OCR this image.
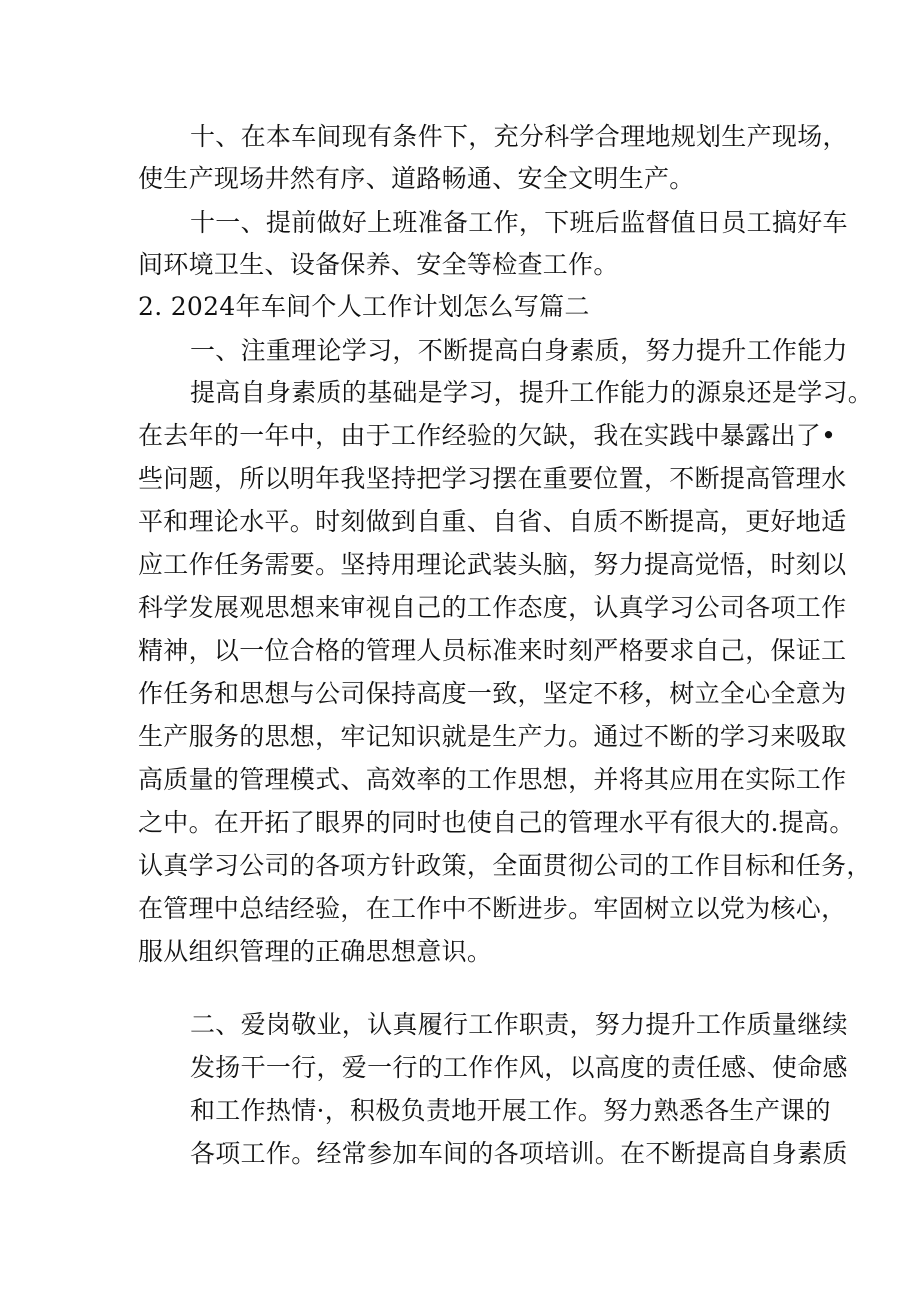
十、在本车间现有条件下，充分科学合理地规划生产现场，
使生产现场井然有序、道路畅通、安全文明生产。
十一、提前做好上班准备工作，下班后监督值日员工搞好车
间环境卫生、设备保养、安全等检查工作。
2. 2024年车间个人工作计划怎么写篇二
一、注重理论学习，不断提高白身素质，努力提升工作能力
提高自身素质的基础是学习，提升工作能力的源泉还是学习。
在去年的一年中，由于工作经验的欠缺，我在实践中暴露出了•
些问题，所以明年我坚持把学习摆在重要位置，不断提高管理水
平和理论水平。时刻做到自重、自省、自质不断提高，更好地适
应工作任务需要。坚持用理论武装头脑，努力提高觉悟，时刻以
科学发展观思想来审视自己的工作态度，认真学习公司各项工作
精神，以一位合格的管理人员标准来时刻严格要求自己，保证工
作任务和思想与公司保持高度一致，坚定不移，树立全心全意为
生产服务的思想，牢记知识就是生产力。通过不断的学习来吸取
高质量的管理模式、高效率的工作思想，并将其应用在实际工作
之中。在开拓了眼界的同时也使自己的管理水平有很大的.提高。
认真学习公司的各项方针政策，全面贯彻公司的工作目标和任务，
在管理中总结经验，在工作中不断进步。牢固树立以党为核心，
服从组织管理的正确思想意识。
二、爱岗敬业，认真履行工作职责，努力提升工作质量继续
发扬干一行，爱一行的工作作风，以高度的责任感、使命感
和工作热情·，积极负责地开展工作。努力熟悉各生产课的
各项工作。经常参加车间的各项培训。在不断提高自身素质
